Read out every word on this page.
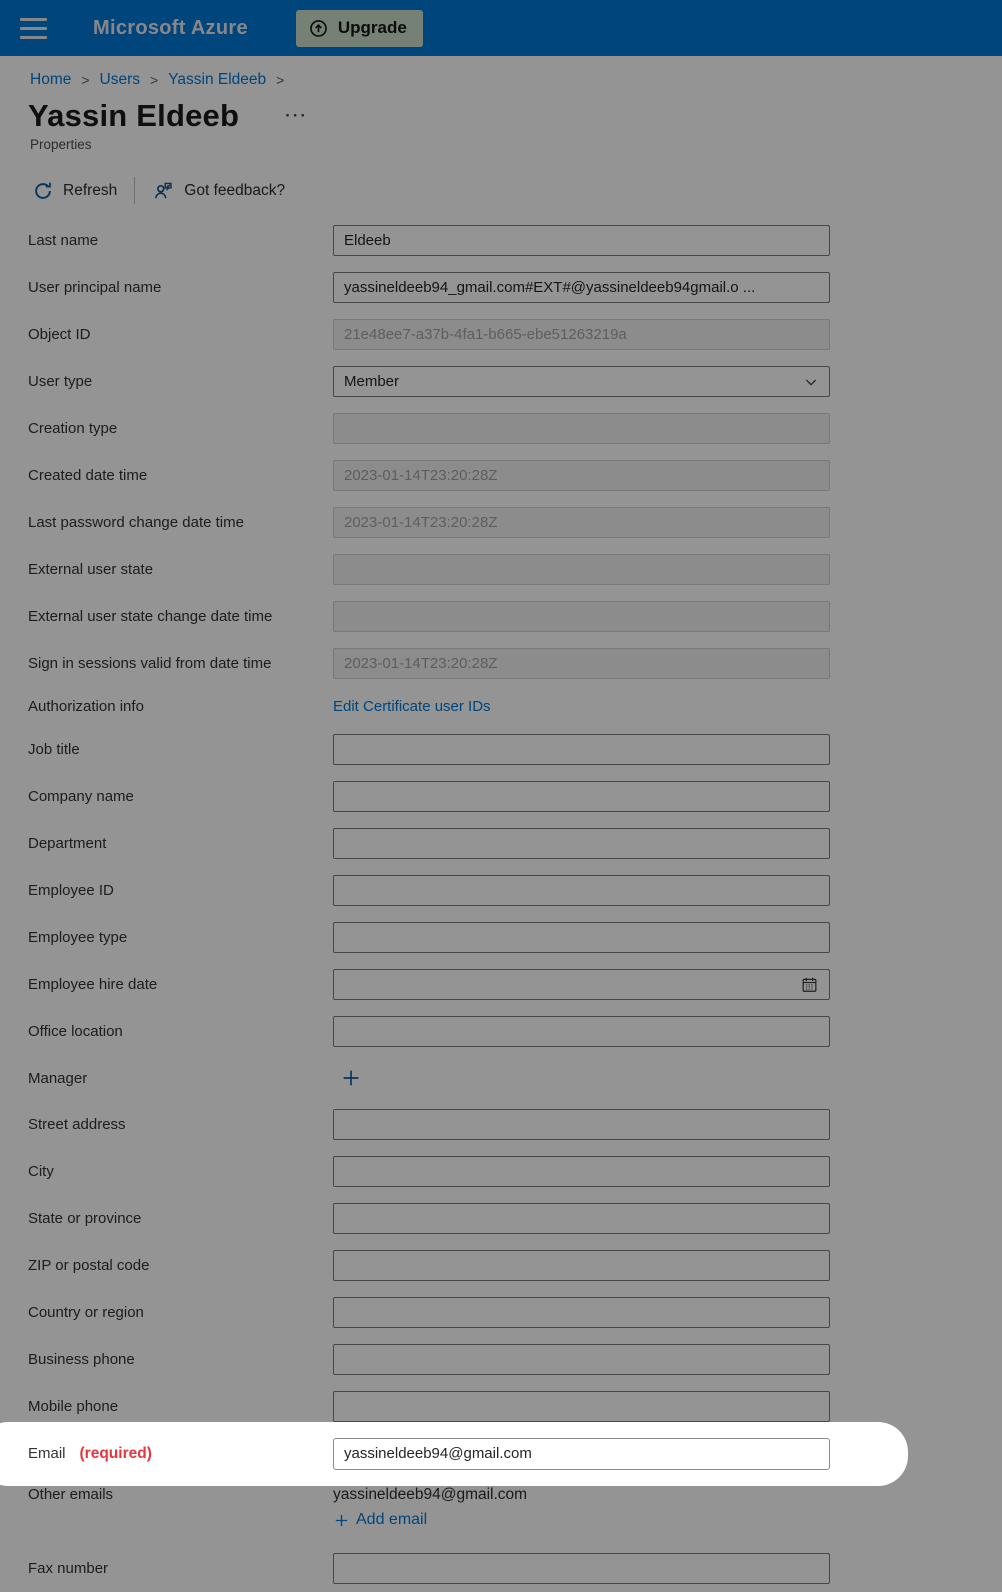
Microsoft Azure	Upgrade
Home > Users > Yassin Eldeeb >
Yassin Eldeeb	···
Properties
Refresh	Got feedback?
Last name	Eldeeb
User principal name	yassineldeeb94_gmail.com#EXT#@yassineldeeb94gmail.o ...
Object ID	21e48ee7-a37b-4fa1-b665-ebe51263219a
User type	Member
Creation type
Created date time	2023-01-14T23:20:28Z
Last password change date time	2023-01-14T23:20:28Z
External user state
External user state change date time
Sign in sessions valid from date time	2023-01-14T23:20:28Z
Authorization info	Edit Certificate user IDs
Job title
Company name
Department
Employee ID
Employee type
Employee hire date
Office location
Manager
Street address
City
State or province
ZIP or postal code
Country or region
Business phone
Mobile phone
Email (required)	yassineldeeb94@gmail.com
Other emails	yassineldeeb94@gmail.com
Add email
Fax number
